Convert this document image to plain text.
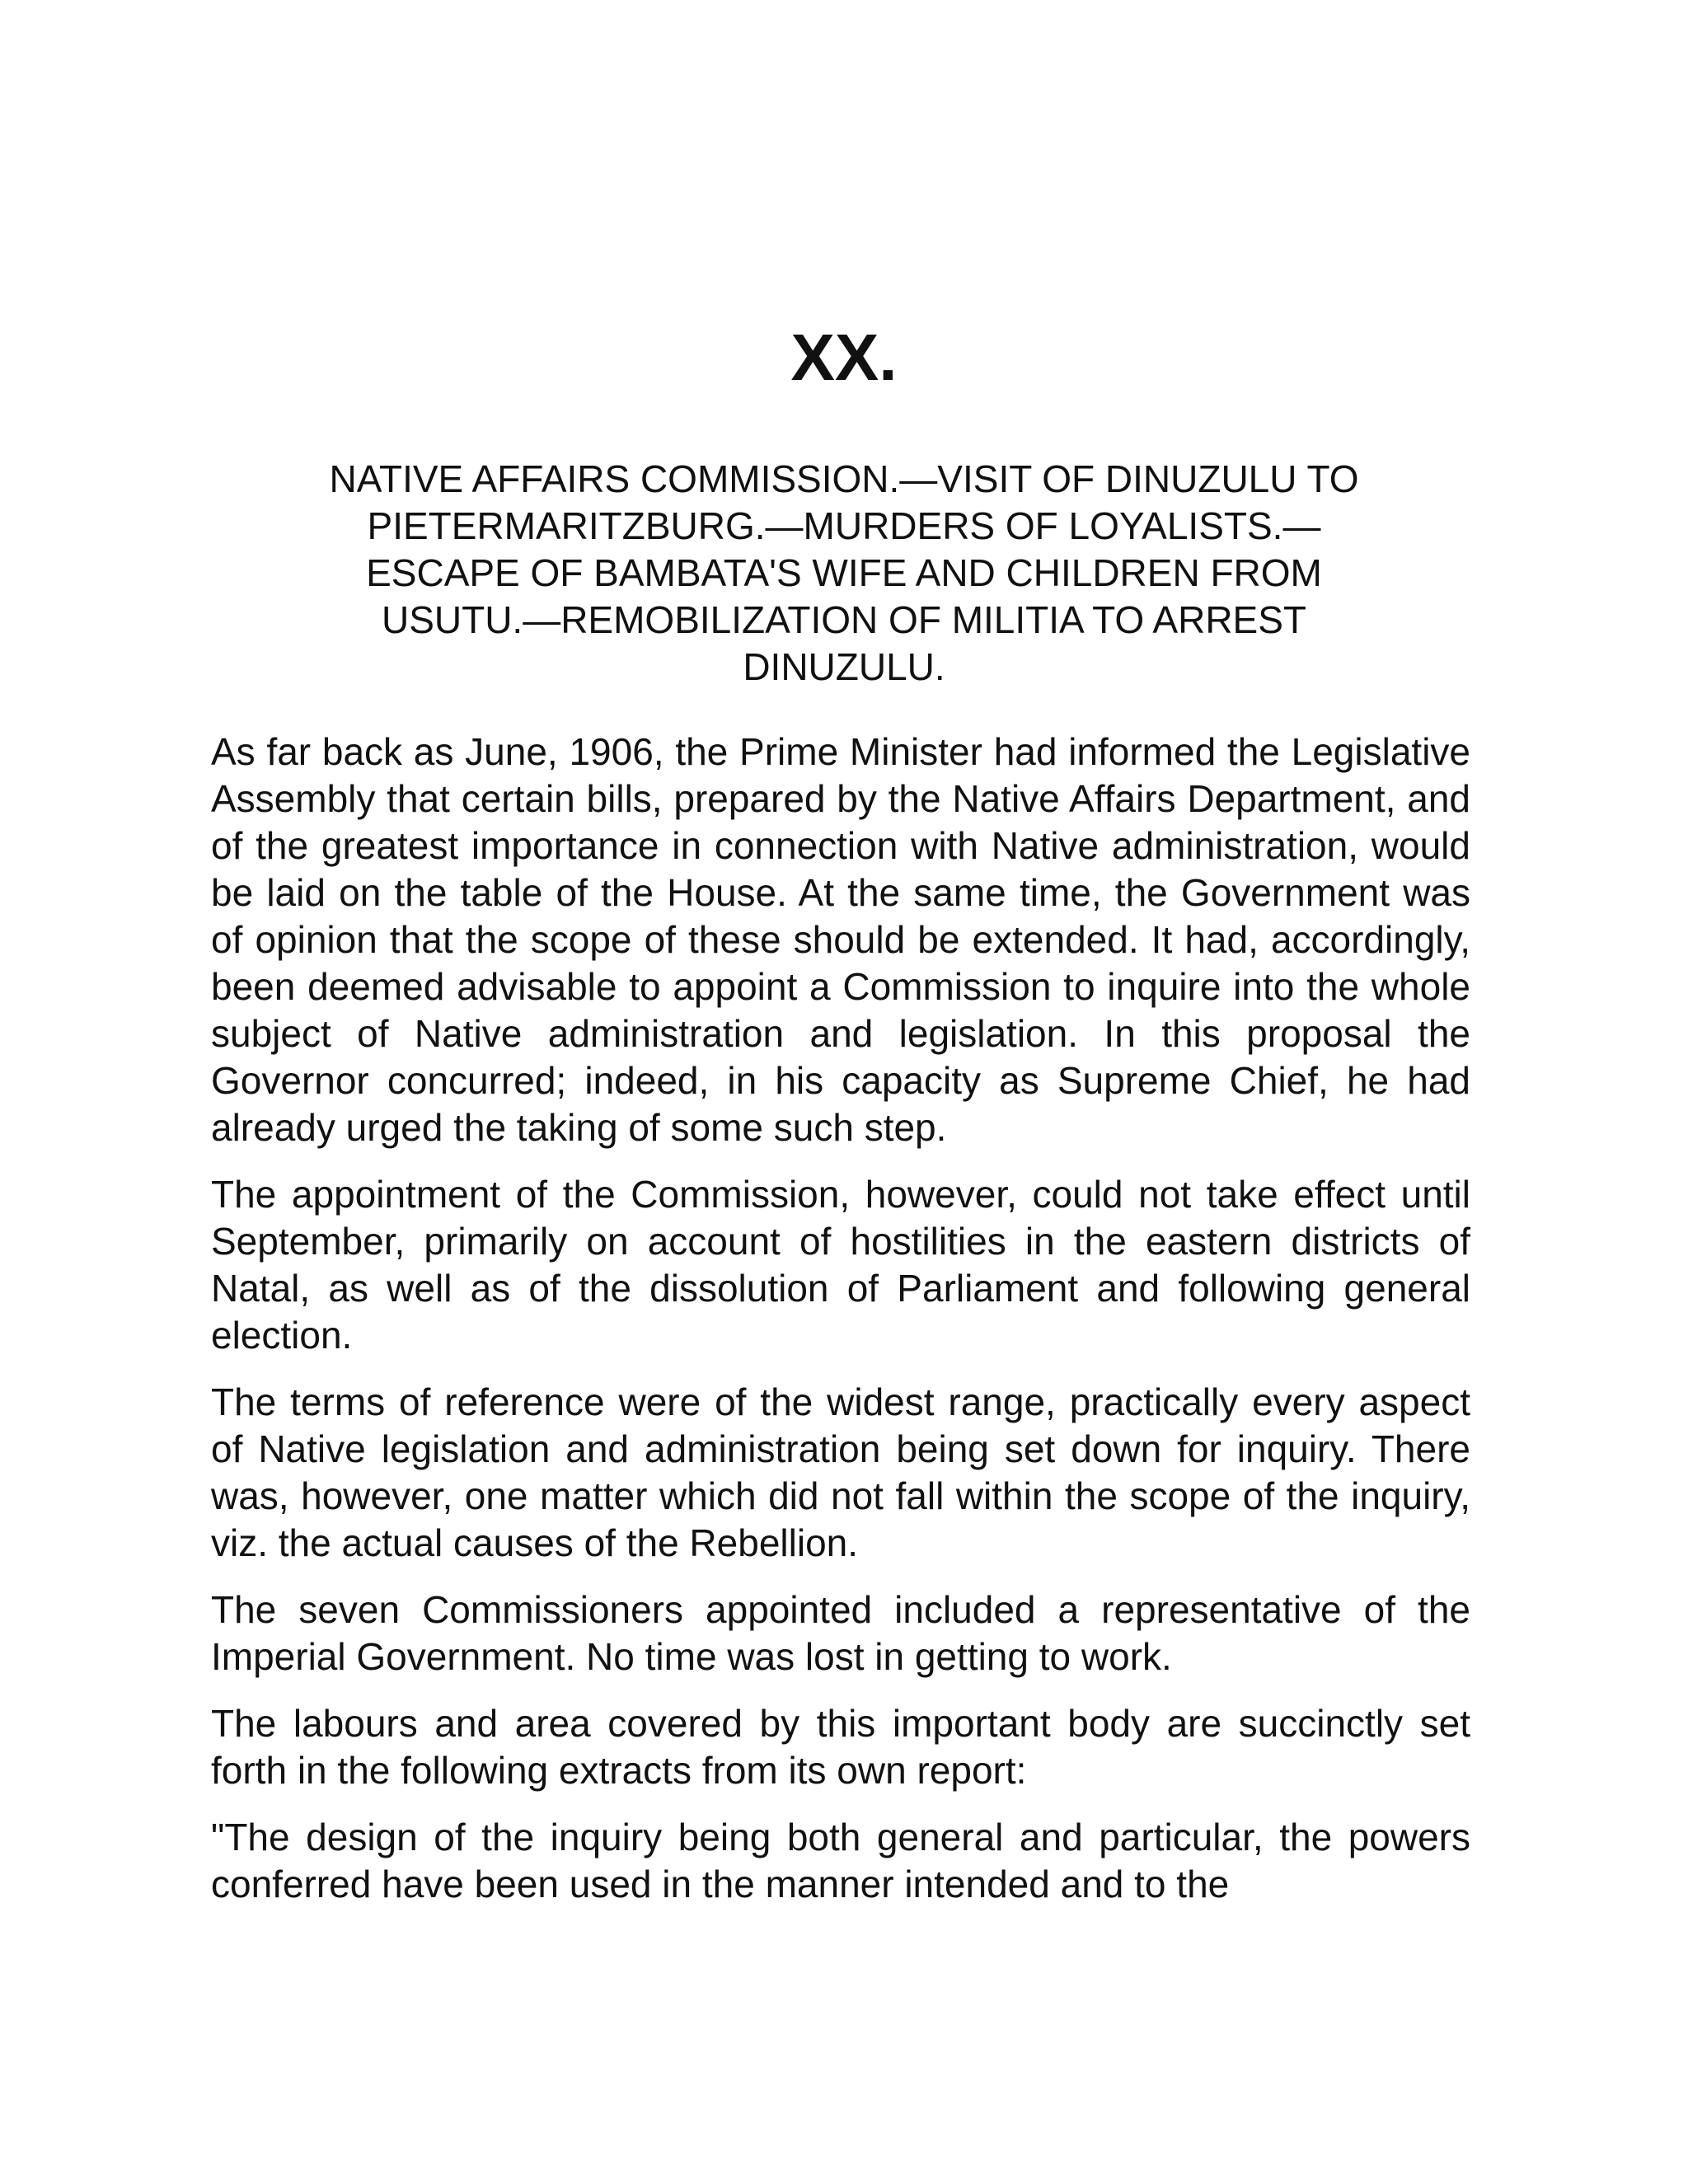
XX.
NATIVE AFFAIRS COMMISSION.—VISIT OF DINUZULU TO
PIETERMARITZBURG.—MURDERS OF LOYALISTS.—
ESCAPE OF BAMBATA'S WIFE AND CHILDREN FROM
USUTU.—REMOBILIZATION OF MILITIA TO ARREST
DINUZULU.

As far back as June, 1906, the Prime Minister had informed the Legislative Assembly that certain bills, prepared by the Native Affairs Department, and of the greatest importance in connection with Native administration, would be laid on the table of the House. At the same time, the Government was of opinion that the scope of these should be extended. It had, accordingly, been deemed advisable to appoint a Commission to inquire into the whole subject of Native administration and legislation. In this proposal the Governor concurred; indeed, in his capacity as Supreme Chief, he had already urged the taking of some such step.

The appointment of the Commission, however, could not take effect until September, primarily on account of hostilities in the eastern districts of Natal, as well as of the dissolution of Parliament and following general election.

The terms of reference were of the widest range, practically every aspect of Native legislation and administration being set down for inquiry. There was, however, one matter which did not fall within the scope of the inquiry, viz. the actual causes of the Rebellion.

The seven Commissioners appointed included a representative of the Imperial Government. No time was lost in getting to work.

The labours and area covered by this important body are succinctly set forth in the following extracts from its own report:

"The design of the inquiry being both general and particular, the powers conferred have been used in the manner intended and to the
